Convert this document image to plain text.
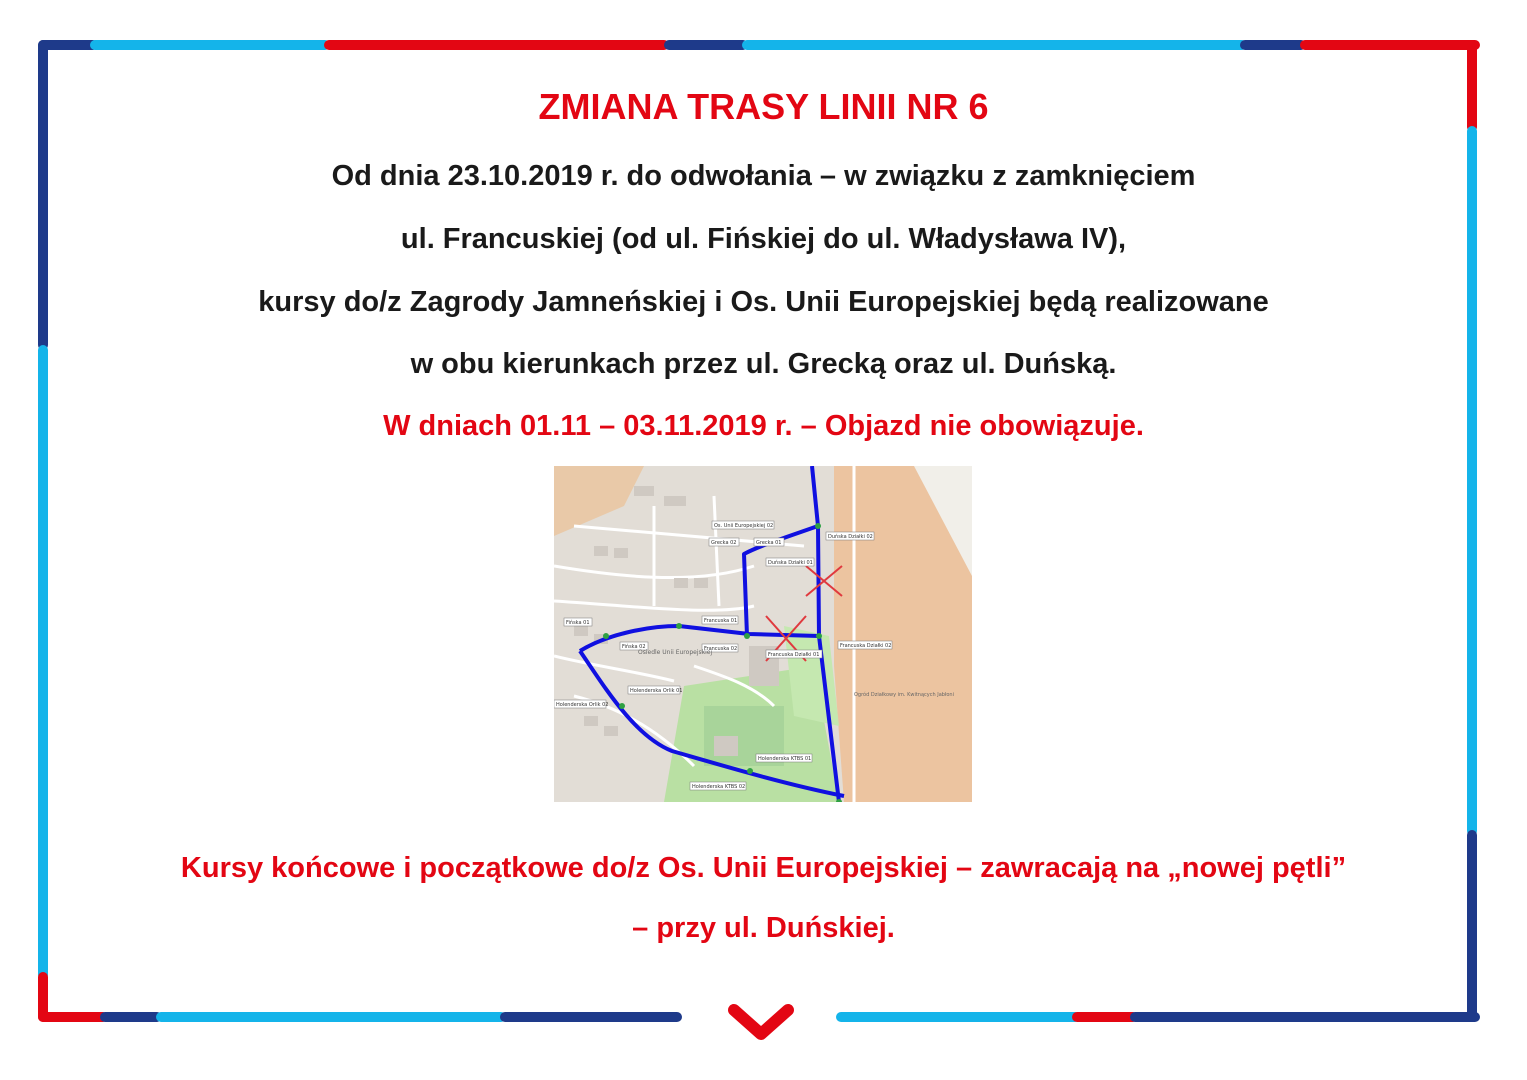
ZMIANA TRASY LINII NR 6
Od dnia 23.10.2019 r. do odwołania – w związku z zamknięciem
ul. Francuskiej (od ul. Fińskiej do ul. Władysława IV),
kursy do/z Zagrody Jamneńskiej i Os. Unii Europejskiej będą realizowane
w obu kierunkach przez ul. Grecką oraz ul. Duńską.
W dniach 01.11 – 03.11.2019 r. – Objazd nie obowiązuje.
Os. Unii Europejskiej 02
Grecka 02	Grecka 01
Duńska Działki 02
Duńska Działki 01
Fińska 01
Fińska 02
Francuska 01
Francuska 02
Francuska Działki 01
Francuska Działki 02
Holenderska Orlik 01
Holenderska Orlik 02
Holenderska KTBS 01
Holenderska KTBS 02
Osiedle Unii Europejskiej
Ogród Działkowy im. Kwitnących Jabłoni
Kursy końcowe i początkowe do/z Os. Unii Europejskiej – zawracają na „nowej pętli”
– przy ul. Duńskiej.
